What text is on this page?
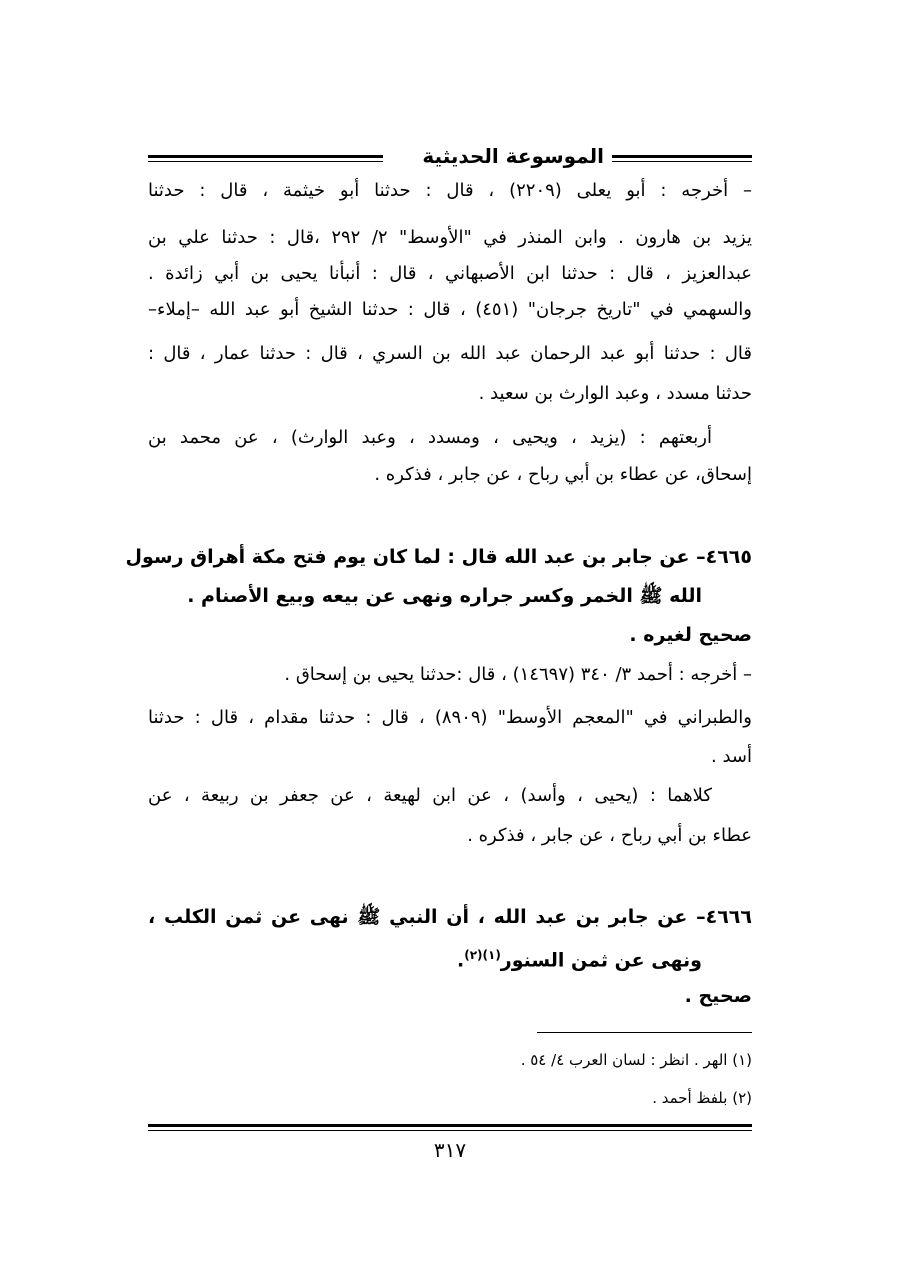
الموسوعة الحديثية
– أخرجه : أبو يعلى (٢٢٠٩) ، قال : حدثنا أبو خيثمة ، قال : حدثنا
يزيد بن هارون . وابن المنذر في "الأوسط" ٢/ ٢٩٢ ،قال : حدثنا علي بن
عبدالعزيز ، قال : حدثنا ابن الأصبهاني ، قال : أنبأنا يحيى بن أبي زائدة .
والسهمي في "تاريخ جرجان" (٤٥١) ، قال : حدثنا الشيخ أبو عبد الله –إملاء–
قال : حدثنا أبو عبد الرحمان عبد الله بن السري ، قال : حدثنا عمار ، قال :
حدثنا مسدد ، وعبد الوارث بن سعيد .
أربعتهم : (يزيد ، ويحيى ، ومسدد ، وعبد الوارث) ، عن محمد بن
إسحاق، عن عطاء بن أبي رباح ، عن جابر ، فذكره .
٤٦٦٥– عن جابر بن عبد الله قال : لما كان يوم فتح مكة أهراق رسول
الله ﷺ الخمر وكسر جراره ونهى عن بيعه وبيع الأصنام .
صحيح لغيره .
– أخرجه : أحمد ٣/ ٣٤٠ (١٤٦٩٧) ، قال :حدثنا يحيى بن إسحاق .
والطبراني في "المعجم الأوسط" (٨٩٠٩) ، قال : حدثنا مقدام ، قال : حدثنا
أسد .
كلاهما : (يحيى ، وأسد) ، عن ابن لهيعة ، عن جعفر بن ربيعة ، عن
عطاء بن أبي رباح ، عن جابر ، فذكره .
٤٦٦٦– عن جابر بن عبد الله ، أن النبي ﷺ نهى عن ثمن الكلب ،
ونهى عن ثمن السنور$^{(١)(٢)}$.
صحيح .
(١) الهر . انظر : لسان العرب ٤/ ٥٤ .
(٢) بلفظ أحمد .
٣١٧
